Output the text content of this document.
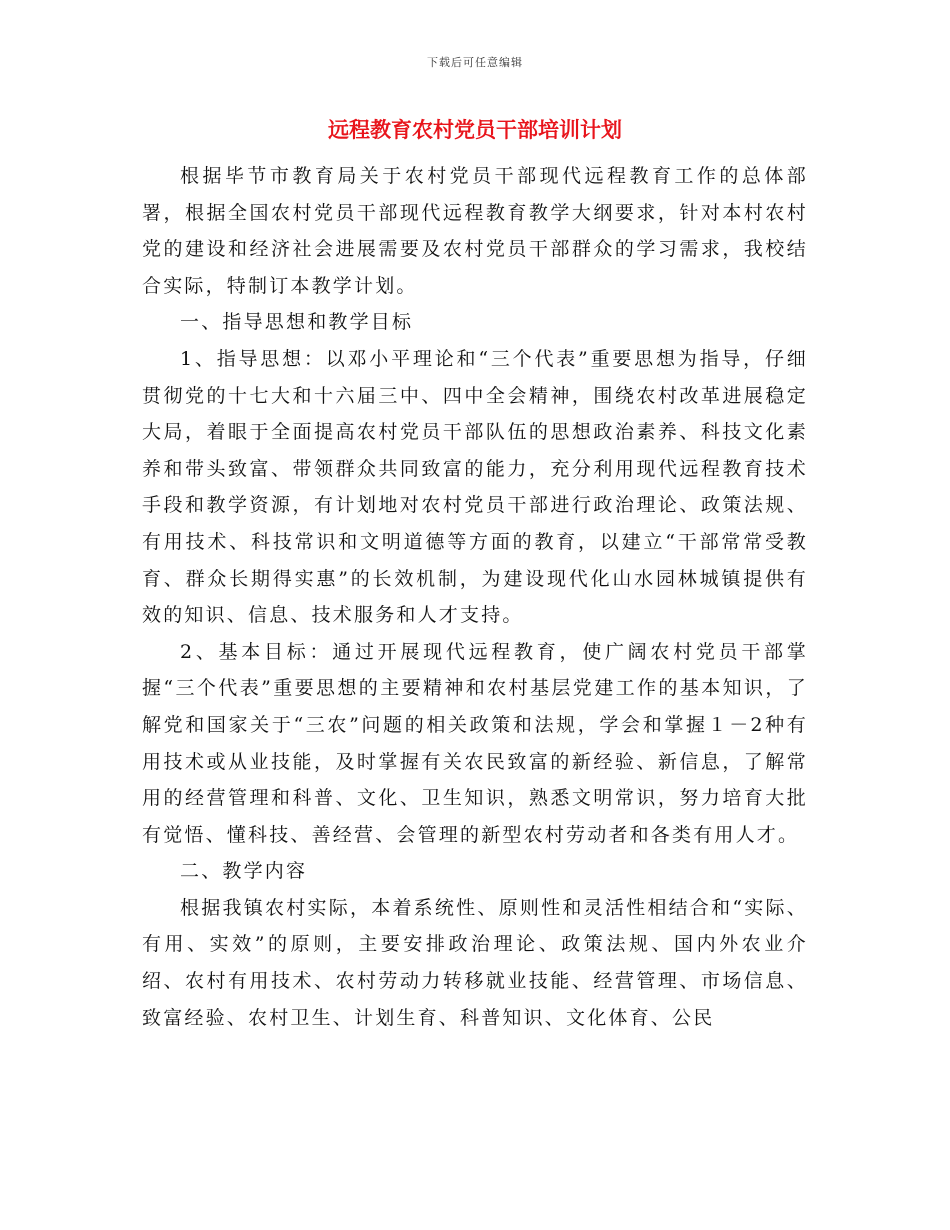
下载后可任意编辑
远程教育农村党员干部培训计划

根据毕节市教育局关于农村党员干部现代远程教育工作的总体部署，根据全国农村党员干部现代远程教育教学大纲要求，针对本村农村党的建设和经济社会进展需要及农村党员干部群众的学习需求，我校结合实际，特制订本教学计划。

一、指导思想和教学目标

1、指导思想：以邓小平理论和“三个代表”重要思想为指导，仔细贯彻党的十七大和十六届三中、四中全会精神，围绕农村改革进展稳定大局，着眼于全面提高农村党员干部队伍的思想政治素养、科技文化素养和带头致富、带领群众共同致富的能力，充分利用现代远程教育技术手段和教学资源，有计划地对农村党员干部进行政治理论、政策法规、有用技术、科技常识和文明道德等方面的教育，以建立“干部常常受教育、群众长期得实惠”的长效机制，为建设现代化山水园林城镇提供有效的知识、信息、技术服务和人才支持。

2、基本目标：通过开展现代远程教育，使广阔农村党员干部掌握“三个代表”重要思想的主要精神和农村基层党建工作的基本知识，了解党和国家关于“三农”问题的相关政策和法规，学会和掌握１－2种有用技术或从业技能，及时掌握有关农民致富的新经验、新信息，了解常用的经营管理和科普、文化、卫生知识，熟悉文明常识，努力培育大批有觉悟、懂科技、善经营、会管理的新型农村劳动者和各类有用人才。

二、教学内容

根据我镇农村实际，本着系统性、原则性和灵活性相结合和“实际、有用、实效”的原则，主要安排政治理论、政策法规、国内外农业介绍、农村有用技术、农村劳动力转移就业技能、经营管理、市场信息、致富经验、农村卫生、计划生育、科普知识、文化体育、公民
